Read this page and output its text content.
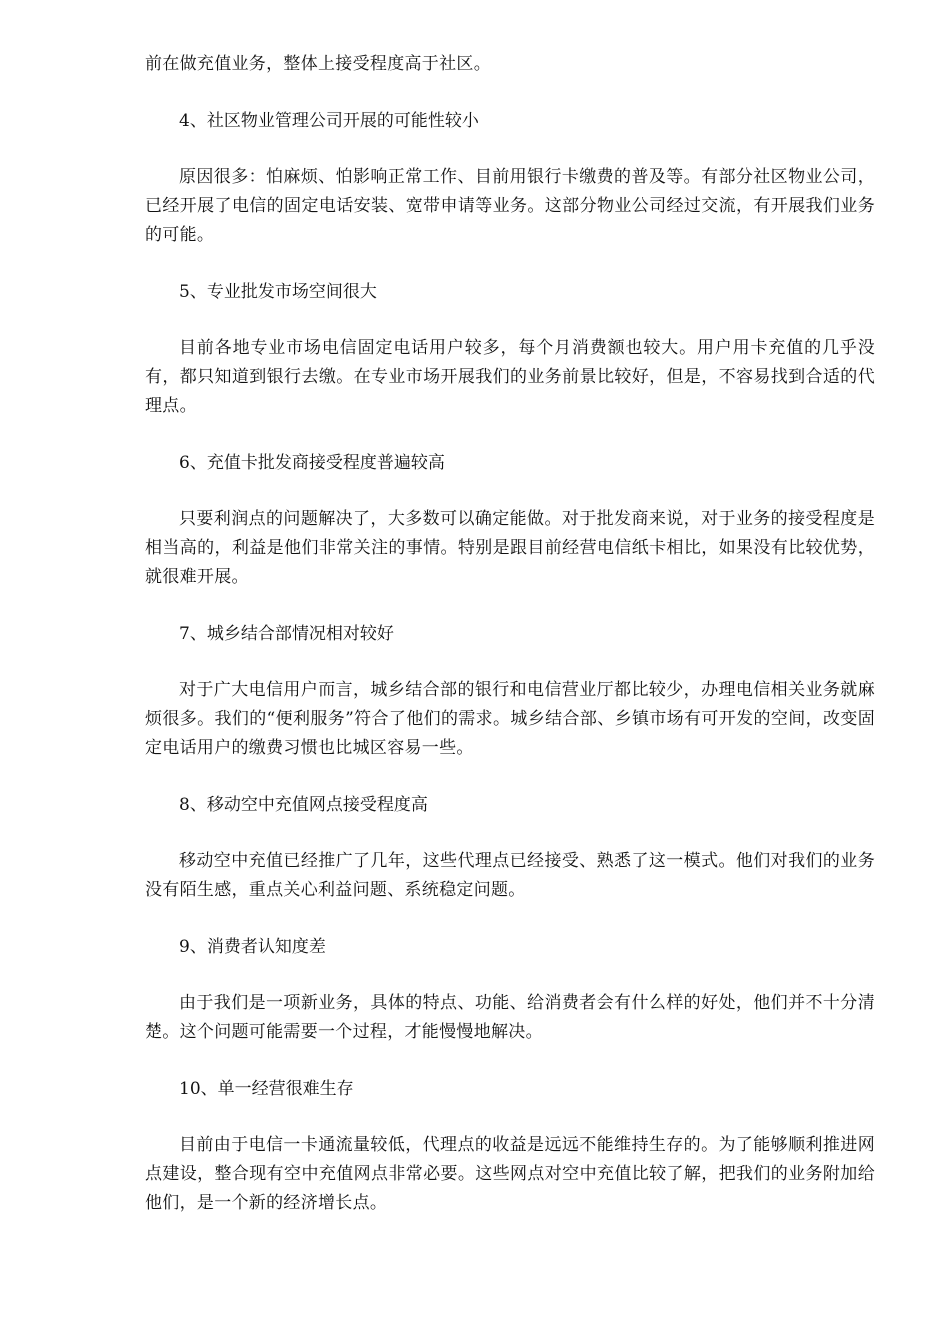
前在做充值业务，整体上接受程度高于社区。

4、社区物业管理公司开展的可能性较小

原因很多：怕麻烦、怕影响正常工作、目前用银行卡缴费的普及等。有部分社区物业公司，已经开展了电信的固定电话安装、宽带申请等业务。这部分物业公司经过交流，有开展我们业务的可能。

5、专业批发市场空间很大

目前各地专业市场电信固定电话用户较多，每个月消费额也较大。用户用卡充值的几乎没有，都只知道到银行去缴。在专业市场开展我们的业务前景比较好，但是，不容易找到合适的代理点。

6、充值卡批发商接受程度普遍较高

只要利润点的问题解决了，大多数可以确定能做。对于批发商来说，对于业务的接受程度是相当高的，利益是他们非常关注的事情。特别是跟目前经营电信纸卡相比，如果没有比较优势，就很难开展。

7、城乡结合部情况相对较好

对于广大电信用户而言，城乡结合部的银行和电信营业厅都比较少，办理电信相关业务就麻烦很多。我们的“便利服务”符合了他们的需求。城乡结合部、乡镇市场有可开发的空间，改变固定电话用户的缴费习惯也比城区容易一些。

8、移动空中充值网点接受程度高

移动空中充值已经推广了几年，这些代理点已经接受、熟悉了这一模式。他们对我们的业务没有陌生感，重点关心利益问题、系统稳定问题。

9、消费者认知度差

由于我们是一项新业务，具体的特点、功能、给消费者会有什么样的好处，他们并不十分清楚。这个问题可能需要一个过程，才能慢慢地解决。

10、单一经营很难生存

目前由于电信一卡通流量较低，代理点的收益是远远不能维持生存的。为了能够顺利推进网点建设，整合现有空中充值网点非常必要。这些网点对空中充值比较了解，把我们的业务附加给他们，是一个新的经济增长点。
